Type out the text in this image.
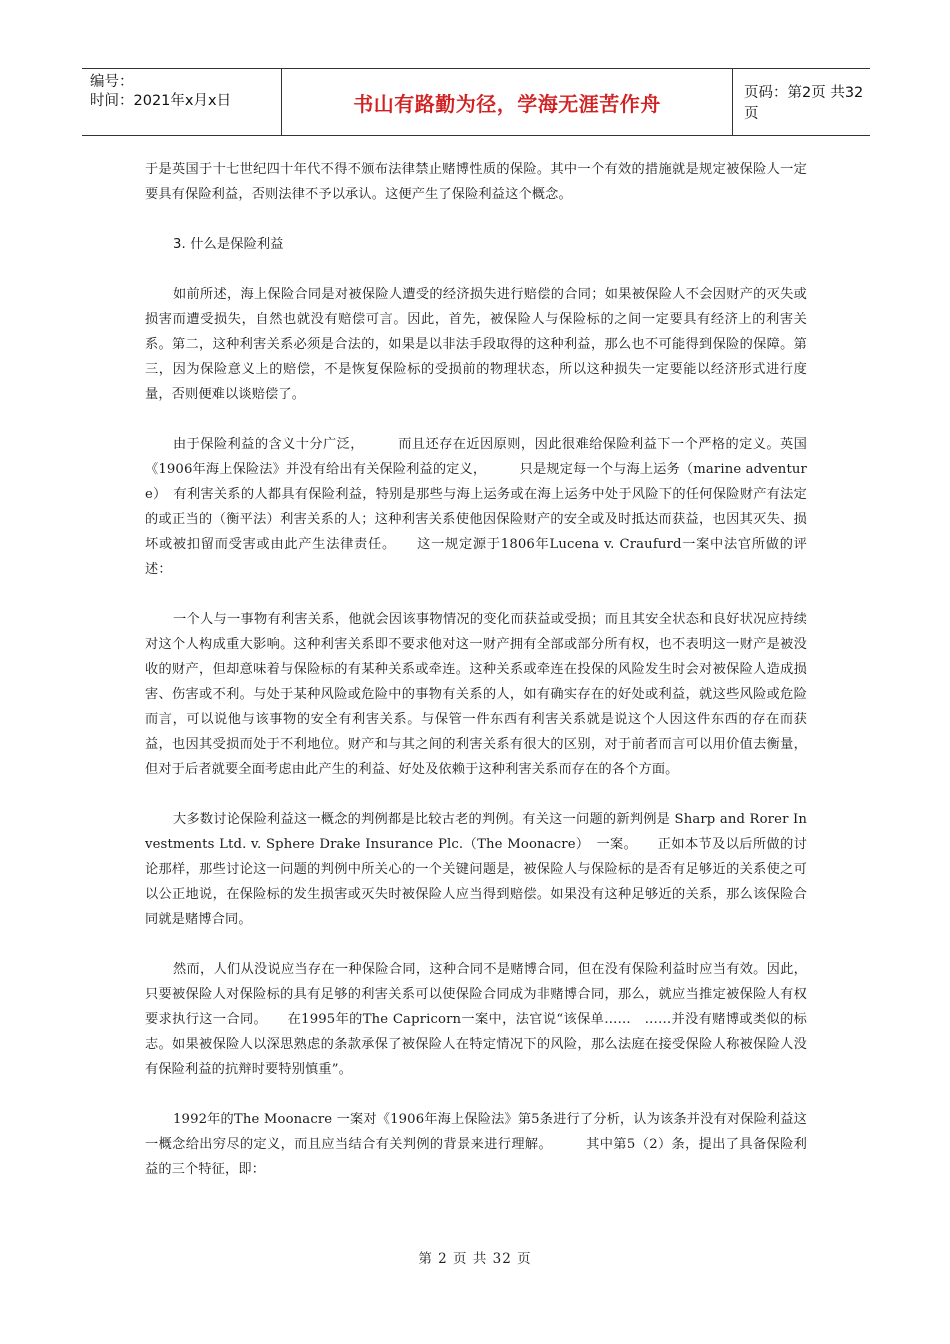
编号：
时间：2021年x月x日	书山有路勤为径，学海无涯苦作舟	页码：第2页 共32页

于是英国于十七世纪四十年代不得不颁布法律禁止赌博性质的保险。其中一个有效的措施就是规定被保险人一定要具有保险利益，否则法律不予以承认。这便产生了保险利益这个概念。

3. 什么是保险利益

如前所述，海上保险合同是对被保险人遭受的经济损失进行赔偿的合同；如果被保险人不会因财产的灭失或损害而遭受损失，自然也就没有赔偿可言。因此，首先，被保险人与保险标的之间一定要具有经济上的利害关系。第二，这种利害关系必须是合法的，如果是以非法手段取得的这种利益，那么也不可能得到保险的保障。第三，因为保险意义上的赔偿，不是恢复保险标的受损前的物理状态，所以这种损失一定要能以经济形式进行度量，否则便难以谈赔偿了。

由于保险利益的含义十分广泛，　　　而且还存在近因原则，因此很难给保险利益下一个严格的定义。英国《1906年海上保险法》并没有给出有关保险利益的定义，　　　只是规定每一个与海上运务（marine adventure）　有利害关系的人都具有保险利益，特别是那些与海上运务或在海上运务中处于风险下的任何保险财产有法定的或正当的（衡平法）利害关系的人；这种利害关系使他因保险财产的安全或及时抵达而获益，也因其灭失、损坏或被扣留而受害或由此产生法律责任。　　这一规定源于1806年Lucena v. Craufurd一案中法官所做的评述：

一个人与一事物有利害关系，他就会因该事物情况的变化而获益或受损；而且其安全状态和良好状况应持续对这个人构成重大影响。这种利害关系即不要求他对这一财产拥有全部或部分所有权，也不表明这一财产是被没收的财产，但却意味着与保险标的有某种关系或牵连。这种关系或牵连在投保的风险发生时会对被保险人造成损害、伤害或不利。与处于某种风险或危险中的事物有关系的人，如有确实存在的好处或利益，就这些风险或危险而言，可以说他与该事物的安全有利害关系。与保管一件东西有利害关系就是说这个人因这件东西的存在而获益，也因其受损而处于不利地位。财产和与其之间的利害关系有很大的区别，对于前者而言可以用价值去衡量，但对于后者就要全面考虑由此产生的利益、好处及依赖于这种利害关系而存在的各个方面。

大多数讨论保险利益这一概念的判例都是比较古老的判例。有关这一问题的新判例是 Sharp and Rorer Investments Ltd. v. Sphere Drake Insurance Plc.（The Moonacre）　一案。　　正如本节及以后所做的讨论那样，那些讨论这一问题的判例中所关心的一个关键问题是，被保险人与保险标的是否有足够近的关系使之可以公正地说，在保险标的发生损害或灭失时被保险人应当得到赔偿。如果没有这种足够近的关系，那么该保险合同就是赌博合同。

然而，人们从没说应当存在一种保险合同，这种合同不是赌博合同，但在没有保险利益时应当有效。因此，只要被保险人对保险标的具有足够的利害关系可以使保险合同成为非赌博合同，那么，就应当推定被保险人有权要求执行这一合同。　　在1995年的The Capricorn一案中，法官说“该保单……　……并没有赌博或类似的标志。如果被保险人以深思熟虑的条款承保了被保险人在特定情况下的风险，那么法庭在接受保险人称被保险人没有保险利益的抗辩时要特别慎重”。

1992年的The Moonacre 一案对《1906年海上保险法》第5条进行了分析，认为该条并没有对保险利益这一概念给出穷尽的定义，而且应当结合有关判例的背景来进行理解。　　　其中第5（2）条，提出了具备保险利益的三个特征，即：

第 2 页 共 32 页
